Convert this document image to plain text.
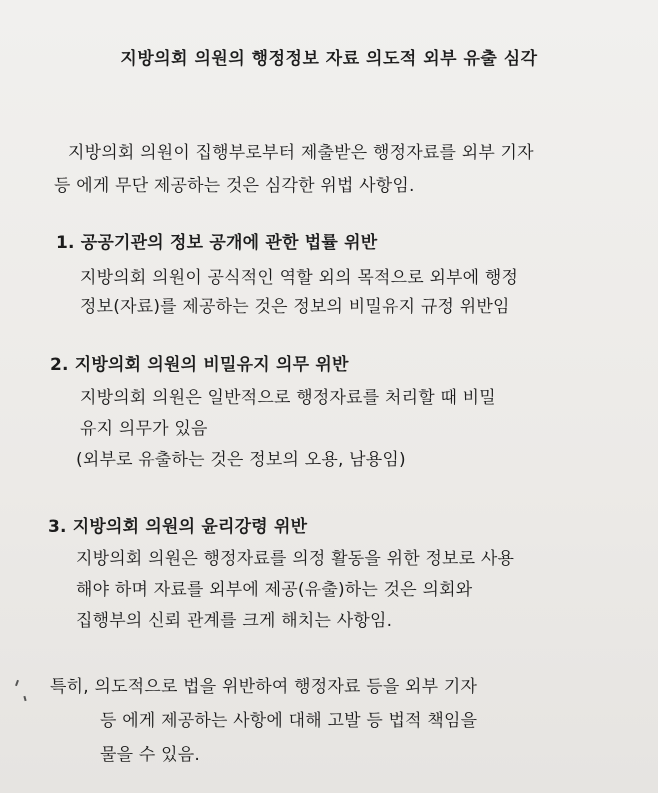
지방의회 의원의 행정정보 자료 의도적 외부 유출 심각
지방의회 의원이 집행부로부터 제출받은 행정자료를 외부 기자
등 에게 무단 제공하는 것은 심각한 위법 사항임.
1. 공공기관의 정보 공개에 관한 법률 위반
지방의회 의원이 공식적인 역할 외의 목적으로 외부에 행정
정보(자료)를 제공하는 것은 정보의 비밀유지 규정 위반임
2. 지방의회 의원의 비밀유지 의무 위반
지방의회 의원은 일반적으로 행정자료를 처리할 때 비밀
유지 의무가 있음
(외부로 유출하는 것은 정보의 오용, 남용임)
3. 지방의회 의원의 윤리강령 위반
지방의회 의원은 행정자료를 의정 활동을 위한 정보로 사용
해야 하며 자료를 외부에 제공(유출)하는 것은 의회와
집행부의 신뢰 관계를 크게 해치는 사항임.
특히, 의도적으로 법을 위반하여 행정자료 등을 외부 기자
등 에게 제공하는 사항에 대해 고발 등 법적 책임을
물을 수 있음.
